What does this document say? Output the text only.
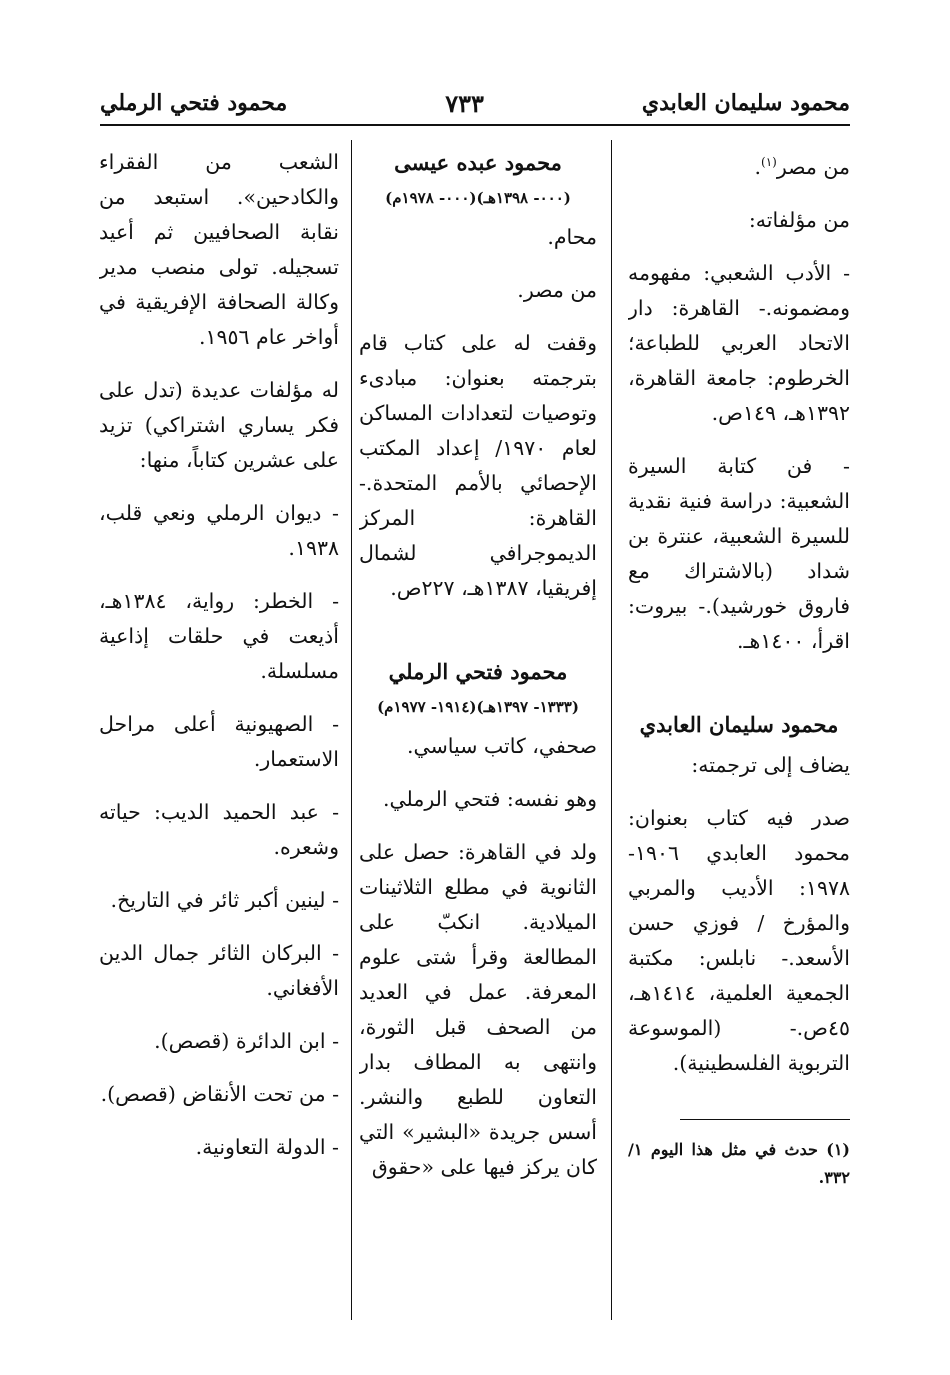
محمود سليمان العابدي
٧٣٣
محمود فتحي الرملي

من مصر$^{(١)}$.

من مؤلفاته:

- الأدب الشعبي: مفهومه ومضمونه.- القاهرة: دار الاتحاد العربي للطباعة؛ الخرطوم: جامعة القاهرة، ١٣٩٢هـ، ١٤٩ص.

- فن كتابة السيرة الشعبية: دراسة فنية نقدية للسيرة الشعبية، عنترة بن شداد (بالاشتراك مع فاروق خورشيد).- بيروت: اقرأ، ١٤٠٠هـ.

محمود سليمان العابدي

يضاف إلى ترجمته:

صدر فيه كتاب بعنوان: محمود العابدي ١٩٠٦- ١٩٧٨: الأديب والمربي والمؤرخ / فوزي حسن الأسعد.- نابلس: مكتبة الجمعية العلمية، ١٤١٤هـ، ٤٥ص.- (الموسوعة التربوية الفلسطينية).

(١) حدث في مثل هذا اليوم ١/ ٣٣٢.

محمود عبده عيسى

(٠٠٠- ١٣٩٨هـ)(٠٠٠- ١٩٧٨م)

محام.

من مصر.

وقفت له على كتاب قام بترجمته بعنوان: مبادىء وتوصيات لتعدادات المساكن لعام ١٩٧٠/ إعداد المكتب الإحصائي بالأمم المتحدة.- القاهرة: المركز الديموجرافي لشمال إفريقيا، ١٣٨٧هـ، ٢٢٧ص.

محمود فتحي الرملي

(١٣٣٣- ١٣٩٧هـ)(١٩١٤- ١٩٧٧م)

صحفي، كاتب سياسي.

وهو نفسه: فتحي الرملي.

ولد في القاهرة: حصل على الثانوية في مطلع الثلاثينات الميلادية. انكبّ على المطالعة وقرأ شتى علوم المعرفة. عمل في العديد من الصحف قبل الثورة، وانتهى به المطاف بدار التعاون للطبع والنشر. أسس جريدة «البشير» التي كان يركز فيها على «حقوق

الشعب من الفقراء والكادحين». استبعد من نقابة الصحافيين ثم أعيد تسجيله. تولى منصب مدير وكالة الصحافة الإفريقية في أواخر عام ١٩٥٦.

له مؤلفات عديدة (تدل على فكر يساري اشتراكي) تزيد على عشرين كتاباً، منها:

- ديوان الرملي ونعي قلب، ١٩٣٨.

- الخطر: رواية، ١٣٨٤هـ، أذيعت في حلقات إذاعية مسلسلة.

- الصهيونية أعلى مراحل الاستعمار.

- عبد الحميد الديب: حياته وشعره.

- لينين أكبر ثائر في التاريخ.

- البركان الثائر جمال الدين الأفغاني.

- ابن الدائرة (قصص).

- من تحت الأنقاض (قصص).

- الدولة التعاونية.
